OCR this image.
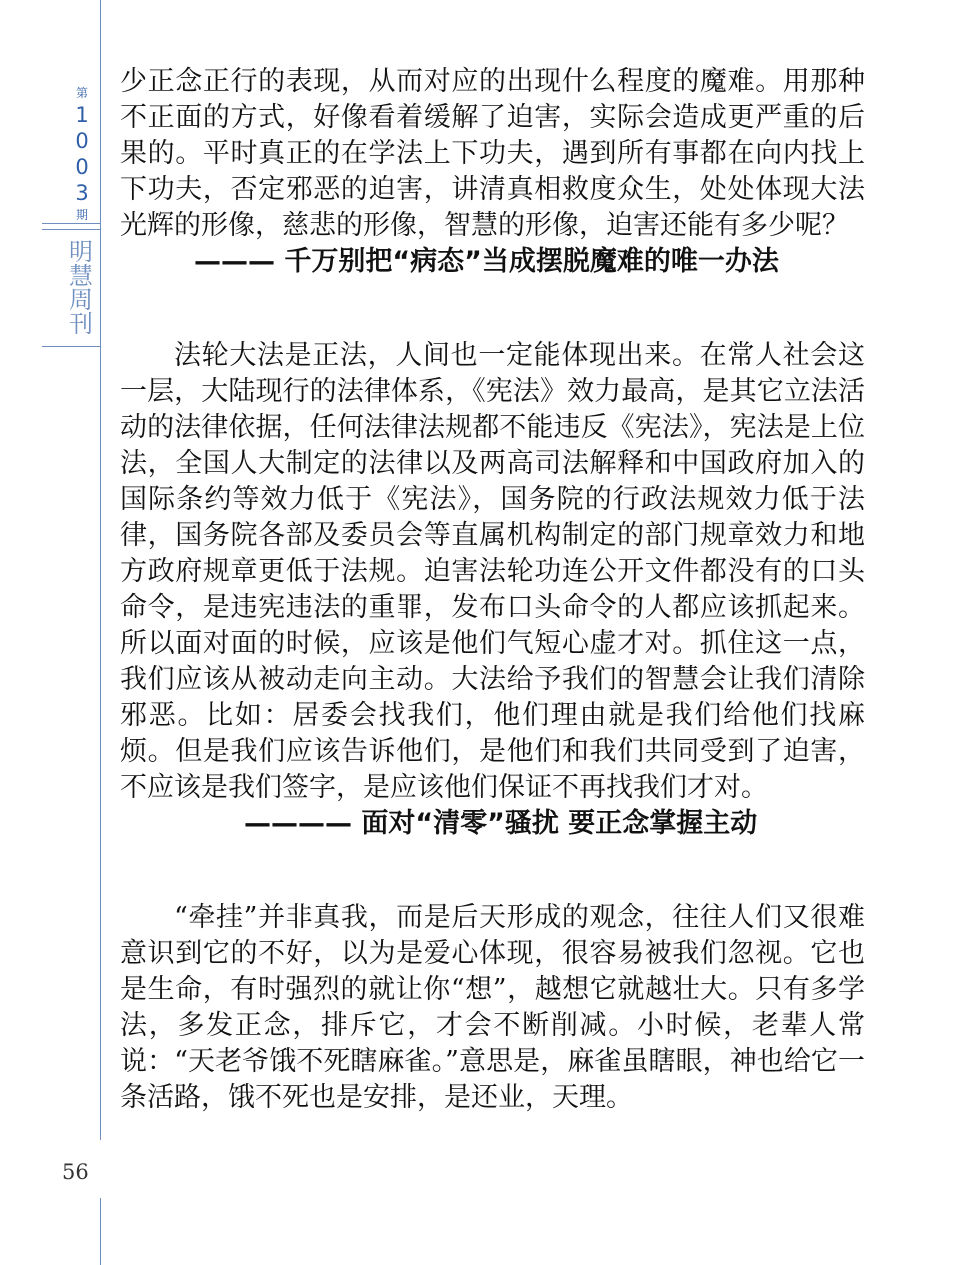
第
1
0
0
3
期
明
慧
周
刊
56

少正念正行的表现，从而对应的出现什么程度的魔难。用那种不正面的方式，好像看着缓解了迫害，实际会造成更严重的后果的。平时真正的在学法上下功夫，遇到所有事都在向内找上下功夫，否定邪恶的迫害，讲清真相救度众生，处处体现大法光辉的形像，慈悲的形像，智慧的形像，迫害还能有多少呢？

——— 千万别把“病态”当成摆脱魔难的唯一办法

法轮大法是正法，人间也一定能体现出来。在常人社会这一层，大陆现行的法律体系，《宪法》效力最高，是其它立法活动的法律依据，任何法律法规都不能违反《宪法》，宪法是上位法，全国人大制定的法律以及两高司法解释和中国政府加入的国际条约等效力低于《宪法》，国务院的行政法规效力低于法律，国务院各部及委员会等直属机构制定的部门规章效力和地方政府规章更低于法规。迫害法轮功连公开文件都没有的口头命令，是违宪违法的重罪，发布口头命令的人都应该抓起来。所以面对面的时候，应该是他们气短心虚才对。抓住这一点，我们应该从被动走向主动。大法给予我们的智慧会让我们清除邪恶。比如：居委会找我们，他们理由就是我们给他们找麻烦。但是我们应该告诉他们，是他们和我们共同受到了迫害，不应该是我们签字，是应该他们保证不再找我们才对。

———— 面对“清零”骚扰 要正念掌握主动

“牵挂”并非真我，而是后天形成的观念，往往人们又很难意识到它的不好，以为是爱心体现，很容易被我们忽视。它也是生命，有时强烈的就让你“想”，越想它就越壮大。只有多学法，多发正念，排斥它，才会不断削减。小时候，老辈人常说：“天老爷饿不死瞎麻雀。”意思是，麻雀虽瞎眼，神也给它一条活路，饿不死也是安排，是还业，天理。
